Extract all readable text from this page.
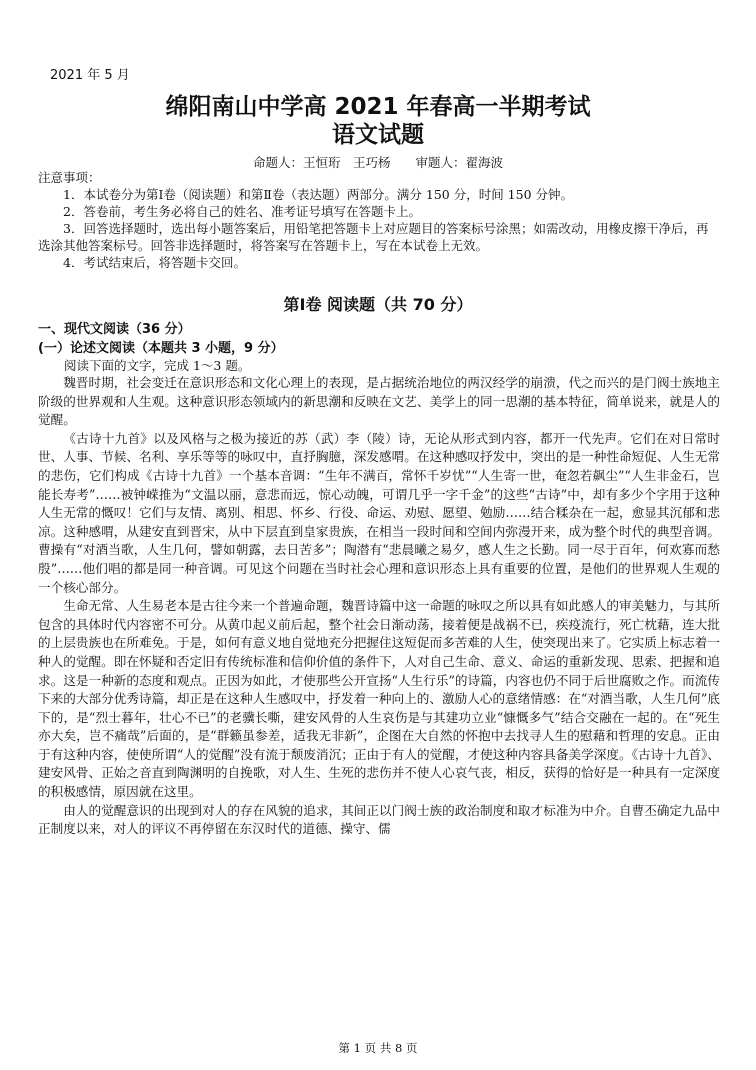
2021 年 5 月
绵阳南山中学高 2021 年春高一半期考试
语文试题
命题人：王恒珩　王巧杨　　审题人：翟海波

注意事项：

1．本试卷分为第Ⅰ卷（阅读题）和第Ⅱ卷（表达题）两部分。满分 150 分，时间 150 分钟。

2．答卷前，考生务必将自己的姓名、准考证号填写在答题卡上。

3．回答选择题时，选出每小题答案后，用铅笔把答题卡上对应题目的答案标号涂黑；如需改动，用橡皮擦干净后，再选涂其他答案标号。回答非选择题时，将答案写在答题卡上，写在本试卷上无效。

4．考试结束后，将答题卡交回。

第Ⅰ卷 阅读题（共 70 分）
一、现代文阅读（36 分）
(一）论述文阅读（本题共 3 小题，9 分）
阅读下面的文字，完成 1～3 题。

魏晋时期，社会变迁在意识形态和文化心理上的表现，是占据统治地位的两汉经学的崩溃，代之而兴的是门阀士族地主阶级的世界观和人生观。这种意识形态领域内的新思潮和反映在文艺、美学上的同一思潮的基本特征，简单说来，就是人的觉醒。

《古诗十九首》以及风格与之极为接近的苏（武）李（陵）诗，无论从形式到内容，都开一代先声。它们在对日常时世、人事、节候、名利、享乐等等的咏叹中，直抒胸臆，深发感喟。在这种感叹抒发中，突出的是一种性命短促、人生无常的悲伤，它们构成《古诗十九首》一个基本音调：“生年不满百，常怀千岁忧”“人生寄一世，奄忽若飙尘”“人生非金石，岂能长寿考”……被钟嵘推为“文温以丽，意悲而远，惊心动魄，可谓几乎一字千金”的这些“古诗”中，却有多少个字用于这种人生无常的慨叹！它们与友情、离别、相思、怀乡、行役、命运、劝慰、愿望、勉励……结合糅杂在一起，愈显其沉郁和悲凉。这种感喟，从建安直到晋宋，从中下层直到皇家贵族，在相当一段时间和空间内弥漫开来，成为整个时代的典型音调。曹操有“对酒当歌，人生几何，譬如朝露，去日苦多”；陶潜有“悲晨曦之易夕，感人生之长勤。同一尽于百年，何欢寡而愁殷”……他们唱的都是同一种音调。可见这个问题在当时社会心理和意识形态上具有重要的位置，是他们的世界观人生观的一个核心部分。

生命无常、人生易老本是古往今来一个普遍命题，魏晋诗篇中这一命题的咏叹之所以具有如此感人的审美魅力，与其所包含的具体时代内容密不可分。从黄巾起义前后起，整个社会日渐动荡，接着便是战祸不已，疾疫流行，死亡枕藉，连大批的上层贵族也在所难免。于是，如何有意义地自觉地充分把握住这短促而多苦难的人生，使突现出来了。它实质上标志着一种人的觉醒。即在怀疑和否定旧有传统标准和信仰价值的条件下，人对自己生命、意义、命运的重新发现、思索、把握和追求。这是一种新的态度和观点。正因为如此，才使那些公开宣扬“人生行乐”的诗篇，内容也仍不同于后世腐败之作。而流传下来的大部分优秀诗篇，却正是在这种人生感叹中，抒发着一种向上的、激励人心的意绪情感：在“对酒当歌，人生几何”底下的，是“烈士暮年，壮心不已”的老骥长嘶，建安风骨的人生哀伤是与其建功立业“慷慨多气”结合交融在一起的。在“死生亦大矣，岂不痛哉”后面的，是“群籁虽参差，适我无非新”，企图在大自然的怀抱中去找寻人生的慰藉和哲理的安息。正由于有这种内容，使使所谓“人的觉醒”没有流于颓废消沉；正由于有人的觉醒，才使这种内容具备美学深度。《古诗十九首》、建安风骨、正始之音直到陶渊明的自挽歌，对人生、生死的悲伤并不使人心哀气丧，相反，获得的恰好是一种具有一定深度的积极感情，原因就在这里。

由人的觉醒意识的出现到对人的存在风貌的追求，其间正以门阀士族的政治制度和取才标准为中介。自曹丕确定九品中正制度以来，对人的评议不再停留在东汉时代的道德、操守、儒

第 1 页 共 8 页
